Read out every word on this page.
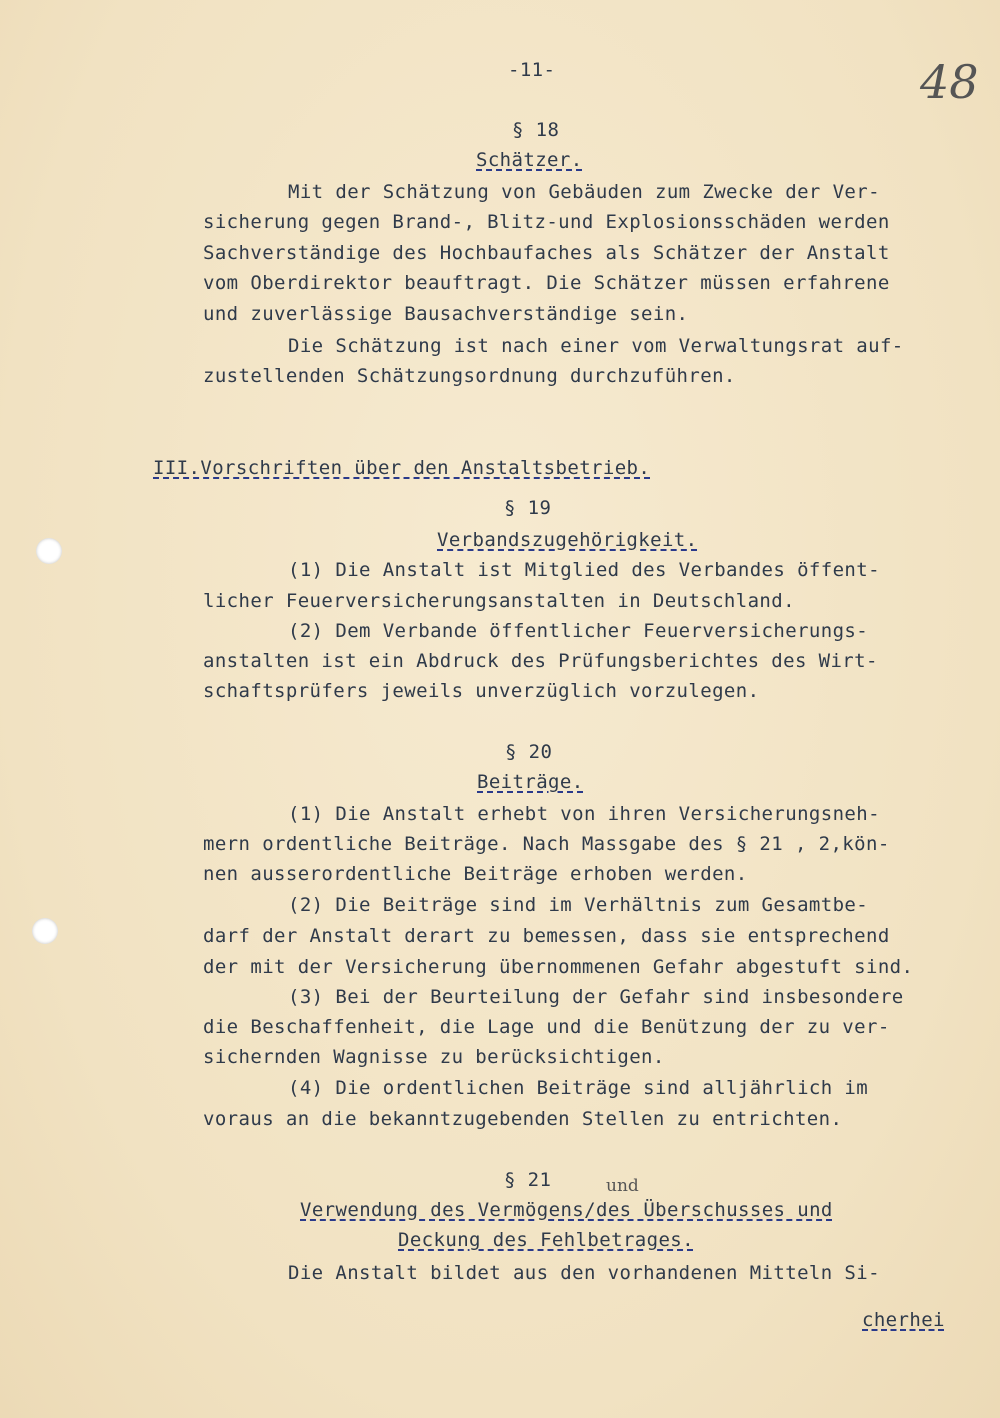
-11-	48
§ 18
Schätzer.
Mit der Schätzung von Gebäuden zum Zwecke der Ver-
sicherung gegen Brand-, Blitz-und Explosionsschäden werden
Sachverständige des Hochbaufaches als Schätzer der Anstalt
vom Oberdirektor beauftragt. Die Schätzer müssen erfahrene
und zuverlässige Bausachverständige sein.
Die Schätzung ist nach einer vom Verwaltungsrat auf-
zustellenden Schätzungsordnung durchzuführen.
III.Vorschriften über den Anstaltsbetrieb.
§ 19
Verbandszugehörigkeit.
(1) Die Anstalt ist Mitglied des Verbandes öffent-
licher Feuerversicherungsanstalten in Deutschland.
(2) Dem Verbande öffentlicher Feuerversicherungs-
anstalten ist ein Abdruck des Prüfungsberichtes des Wirt-
schaftsprüfers jeweils unverzüglich vorzulegen.
§ 20
Beiträge.
(1) Die Anstalt erhebt von ihren Versicherungsneh-
mern ordentliche Beiträge. Nach Massgabe des § 21 , 2,kön-
nen ausserordentliche Beiträge erhoben werden.
(2) Die Beiträge sind im Verhältnis zum Gesamtbe-
darf der Anstalt derart zu bemessen, dass sie entsprechend
der mit der Versicherung übernommenen Gefahr abgestuft sind.
(3) Bei der Beurteilung der Gefahr sind insbesondere
die Beschaffenheit, die Lage und die Benützung der zu ver-
sichernden Wagnisse zu berücksichtigen.
(4) Die ordentlichen Beiträge sind alljährlich im
voraus an die bekanntzugebenden Stellen zu entrichten.
§ 21	und
Verwendung des Vermögens/des Überschusses und
Deckung des Fehlbetrages.
Die Anstalt bildet aus den vorhandenen Mitteln Si-
cherhei
